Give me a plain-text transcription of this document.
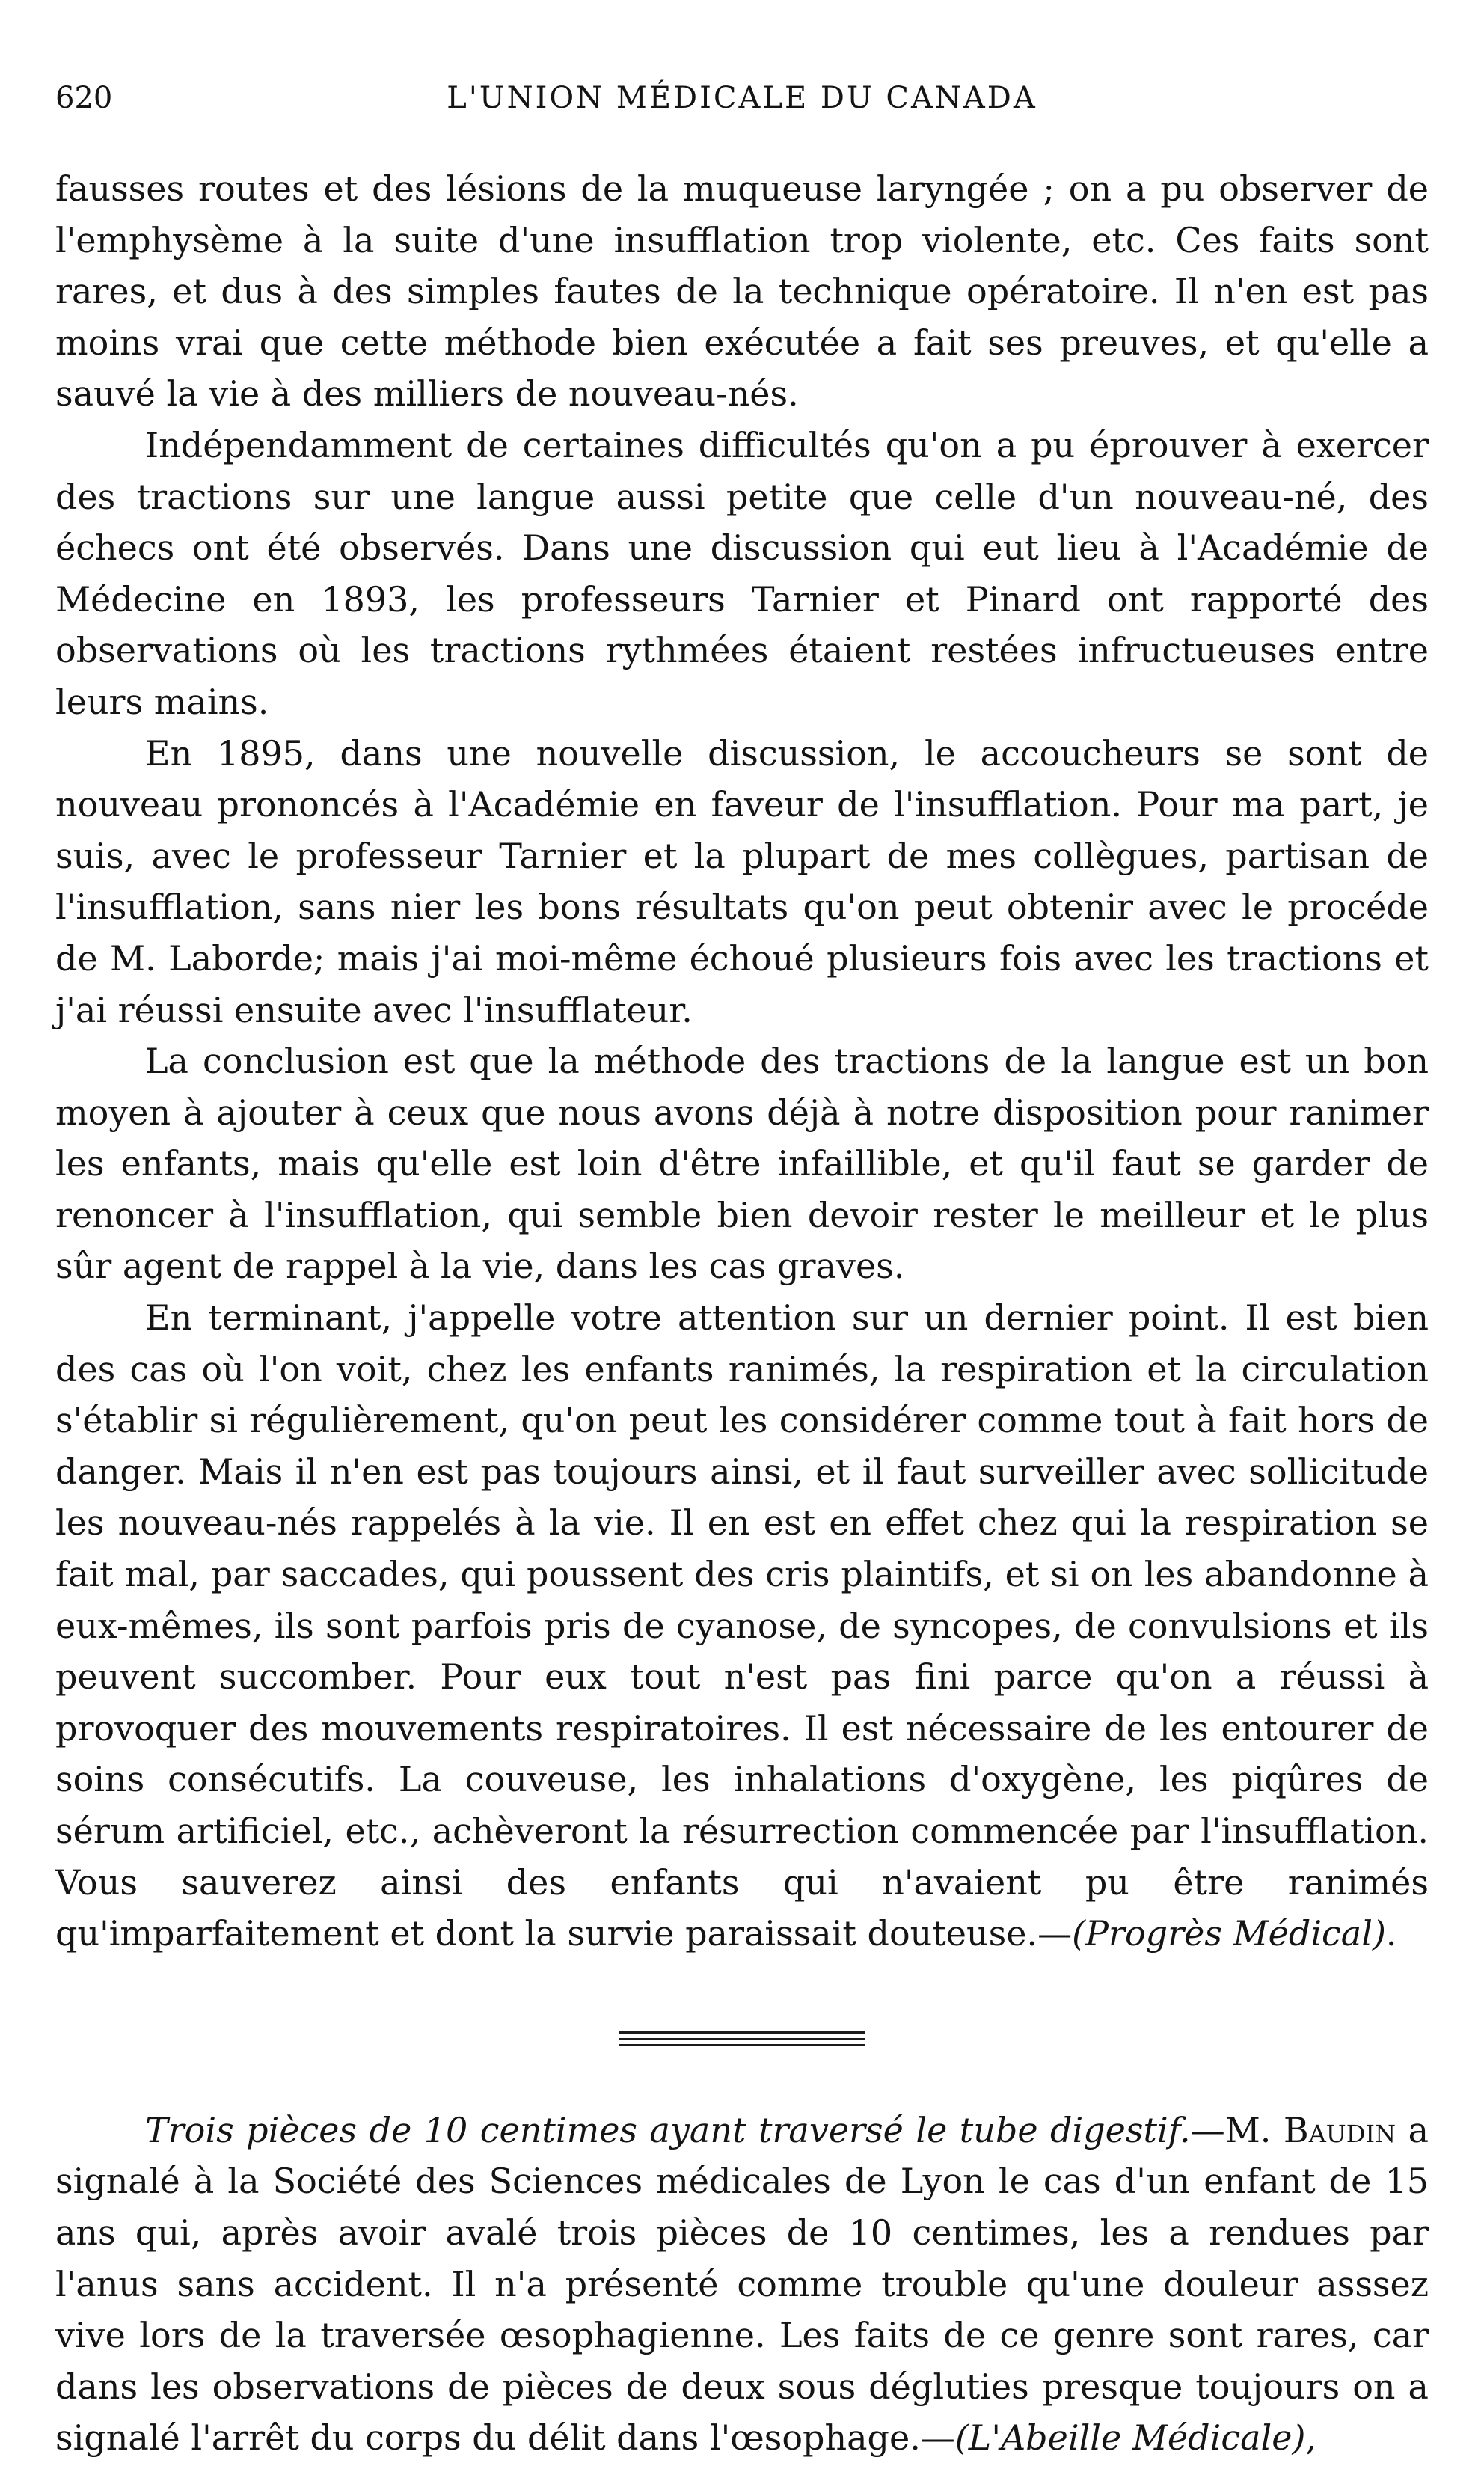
620	L'UNION MÉDICALE DU CANADA

fausses routes et des lésions de la muqueuse laryngée ; on a pu observer de l'emphysème à la suite d'une insufflation trop violente, etc. Ces faits sont rares, et dus à des simples fautes de la technique opératoire. Il n'en est pas moins vrai que cette méthode bien exécutée a fait ses preuves, et qu'elle a sauvé la vie à des milliers de nouveau-nés.

Indépendamment de certaines difficultés qu'on a pu éprouver à exercer des tractions sur une langue aussi petite que celle d'un nouveau-né, des échecs ont été observés. Dans une discussion qui eut lieu à l'Académie de Médecine en 1893, les professeurs Tarnier et Pinard ont rapporté des observations où les tractions rythmées étaient restées infructueuses entre leurs mains.

En 1895, dans une nouvelle discussion, le accoucheurs se sont de nouveau prononcés à l'Académie en faveur de l'insufflation. Pour ma part, je suis, avec le professeur Tarnier et la plupart de mes collègues, partisan de l'insufflation, sans nier les bons résultats qu'on peut obtenir avec le procéde de M. Laborde; mais j'ai moi-même échoué plusieurs fois avec les tractions et j'ai réussi ensuite avec l'insufflateur.

La conclusion est que la méthode des tractions de la langue est un bon moyen à ajouter à ceux que nous avons déjà à notre disposition pour ranimer les enfants, mais qu'elle est loin d'être infaillible, et qu'il faut se garder de renoncer à l'insufflation, qui semble bien devoir rester le meilleur et le plus sûr agent de rappel à la vie, dans les cas graves.

En terminant, j'appelle votre attention sur un dernier point. Il est bien des cas où l'on voit, chez les enfants ranimés, la respiration et la circulation s'établir si régulièrement, qu'on peut les considérer comme tout à fait hors de danger. Mais il n'en est pas toujours ainsi, et il faut surveiller avec sollicitude les nouveau-nés rappelés à la vie. Il en est en effet chez qui la respiration se fait mal, par saccades, qui poussent des cris plaintifs, et si on les abandonne à eux-mêmes, ils sont parfois pris de cyanose, de syncopes, de convulsions et ils peuvent succomber. Pour eux tout n'est pas fini parce qu'on a réussi à provoquer des mouvements respiratoires. Il est nécessaire de les entourer de soins consécutifs. La couveuse, les inhalations d'oxygène, les piqûres de sérum artificiel, etc., achèveront la résurrection commencée par l'insufflation. Vous sauverez ainsi des enfants qui n'avaient pu être ranimés qu'imparfaitement et dont la survie paraissait douteuse.—(Progrès Médical).

Trois pièces de 10 centimes ayant traversé le tube digestif.—M. Baudin a signalé à la Société des Sciences médicales de Lyon le cas d'un enfant de 15 ans qui, après avoir avalé trois pièces de 10 centimes, les a rendues par l'anus sans accident. Il n'a présenté comme trouble qu'une douleur asssez vive lors de la traversée œsophagienne. Les faits de ce genre sont rares, car dans les observations de pièces de deux sous dégluties presque toujours on a signalé l'arrêt du corps du délit dans l'œsophage.—(L'Abeille Médicale),
